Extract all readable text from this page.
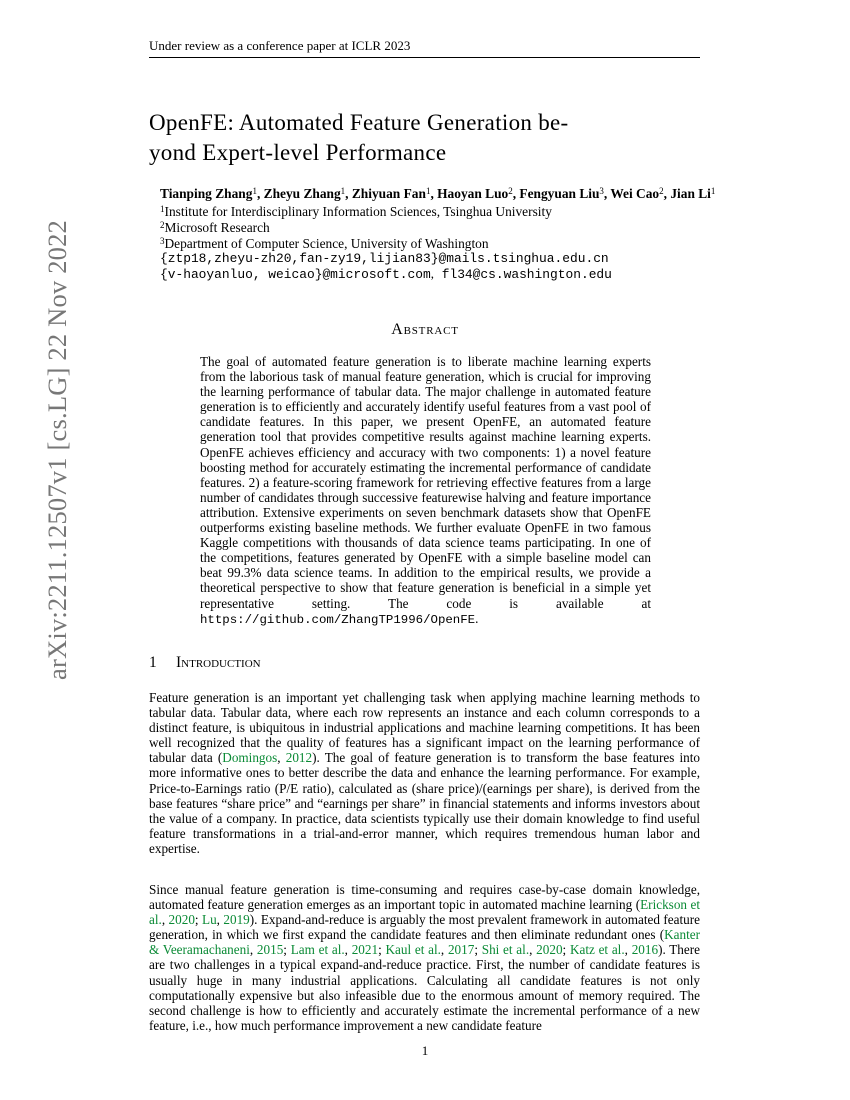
Under review as a conference paper at ICLR 2023
arXiv:2211.12507v1 [cs.LG] 22 Nov 2022
OpenFE: Automated Feature Generation be-
yond Expert-level Performance
Tianping Zhang$^1$, Zheyu Zhang$^1$, Zhiyuan Fan$^1$, Haoyan Luo$^2$, Fengyuan Liu$^3$, Wei Cao$^2$, Jian Li$^1$
$^1$Institute for Interdisciplinary Information Sciences, Tsinghua University
$^2$Microsoft Research
$^3$Department of Computer Science, University of Washington
{ztp18,zheyu-zh20,fan-zy19,lijian83}@mails.tsinghua.edu.cn
{v-haoyanluo, weicao}@microsoft.com, fl34@cs.washington.edu
Abstract
The goal of automated feature generation is to liberate machine learning experts from the laborious task of manual feature generation, which is crucial for improving the learning performance of tabular data. The major challenge in automated feature generation is to efficiently and accurately identify useful features from a vast pool of candidate features. In this paper, we present OpenFE, an automated feature generation tool that provides competitive results against machine learning experts. OpenFE achieves efficiency and accuracy with two components: 1) a novel feature boosting method for accurately estimating the incremental performance of candidate features. 2) a feature-scoring framework for retrieving effective features from a large number of candidates through successive featurewise halving and feature importance attribution. Extensive experiments on seven benchmark datasets show that OpenFE outperforms existing baseline methods. We further evaluate OpenFE in two famous Kaggle competitions with thousands of data science teams participating. In one of the competitions, features generated by OpenFE with a simple baseline model can beat 99.3% data science teams. In addition to the empirical results, we provide a theoretical perspective to show that feature generation is beneficial in a simple yet representative setting. The code is available at https://github.com/ZhangTP1996/OpenFE.
1 Introduction
Feature generation is an important yet challenging task when applying machine learning methods to tabular data. Tabular data, where each row represents an instance and each column corresponds to a distinct feature, is ubiquitous in industrial applications and machine learning competitions. It has been well recognized that the quality of features has a significant impact on the learning performance of tabular data (Domingos, 2012). The goal of feature generation is to transform the base features into more informative ones to better describe the data and enhance the learning performance. For example, Price-to-Earnings ratio (P/E ratio), calculated as (share price)/(earnings per share), is derived from the base features “share price” and “earnings per share” in financial statements and informs investors about the value of a company. In practice, data scientists typically use their domain knowledge to find useful feature transformations in a trial-and-error manner, which requires tremendous human labor and expertise.
Since manual feature generation is time-consuming and requires case-by-case domain knowledge, automated feature generation emerges as an important topic in automated machine learning (Erickson et al., 2020; Lu, 2019). Expand-and-reduce is arguably the most prevalent framework in automated feature generation, in which we first expand the candidate features and then eliminate redundant ones (Kanter & Veeramachaneni, 2015; Lam et al., 2021; Kaul et al., 2017; Shi et al., 2020; Katz et al., 2016). There are two challenges in a typical expand-and-reduce practice. First, the number of candidate features is usually huge in many industrial applications. Calculating all candidate features is not only computationally expensive but also infeasible due to the enormous amount of memory required. The second challenge is how to efficiently and accurately estimate the incremental performance of a new feature, i.e., how much performance improvement a new candidate feature
1
